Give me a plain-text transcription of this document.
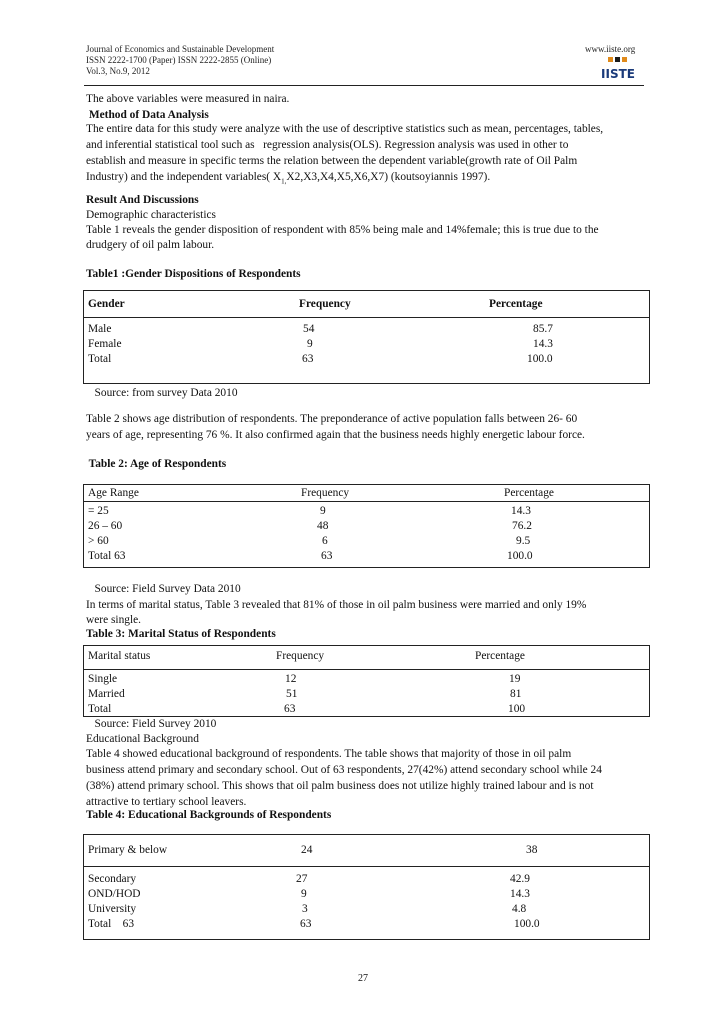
Journal of Economics and Sustainable Development
ISSN 2222-1700 (Paper) ISSN 2222-2855 (Online)
Vol.3, No.9, 2012
www.iiste.org
IISTE
The above variables were measured in naira.
Method of Data Analysis
The entire data for this study were analyze with the use of descriptive statistics such as mean, percentages, tables,
and inferential statistical tool such as   regression analysis(OLS). Regression analysis was used in other to
establish and measure in specific terms the relation between the dependent variable(growth rate of Oil Palm
Industry) and the independent variables( $X_{1,}X2,X3,X4,X5,X6,X7$) (koutsoyiannis 1997).
Result And Discussions
Demographic characteristics
Table 1 reveals the gender disposition of respondent with 85% being male and 14%female; this is true due to the
drudgery of oil palm labour.
Table1 :Gender Dispositions of Respondents
Gender	Frequency	Percentage
Male	54	85.7
Female	9	14.3
Total	63	100.0
Source: from survey Data 2010
Table 2 shows age distribution of respondents. The preponderance of active population falls between 26- 60
years of age, representing 76 %. It also confirmed again that the business needs highly energetic labour force.
Table 2: Age of Respondents
Age Range	Frequency	Percentage
= 25	9	14.3
26 – 60	48	76.2
> 60	6	9.5
Total 63	63	100.0
Source: Field Survey Data 2010
In terms of marital status, Table 3 revealed that 81% of those in oil palm business were married and only 19%
were single.
Table 3: Marital Status of Respondents
Marital status	Frequency	Percentage
Single	12	19
Married	51	81
Total	63	100
Source: Field Survey 2010
Educational Background
Table 4 showed educational background of respondents. The table shows that majority of those in oil palm
business attend primary and secondary school. Out of 63 respondents, 27(42%) attend secondary school while 24
(38%) attend primary school. This shows that oil palm business does not utilize highly trained labour and is not
attractive to tertiary school leavers.
Table 4: Educational Backgrounds of Respondents
Primary & below	24	38
Secondary	27	42.9
OND/HOD	9	14.3
University	3	4.8
Total    63	63	100.0
27
